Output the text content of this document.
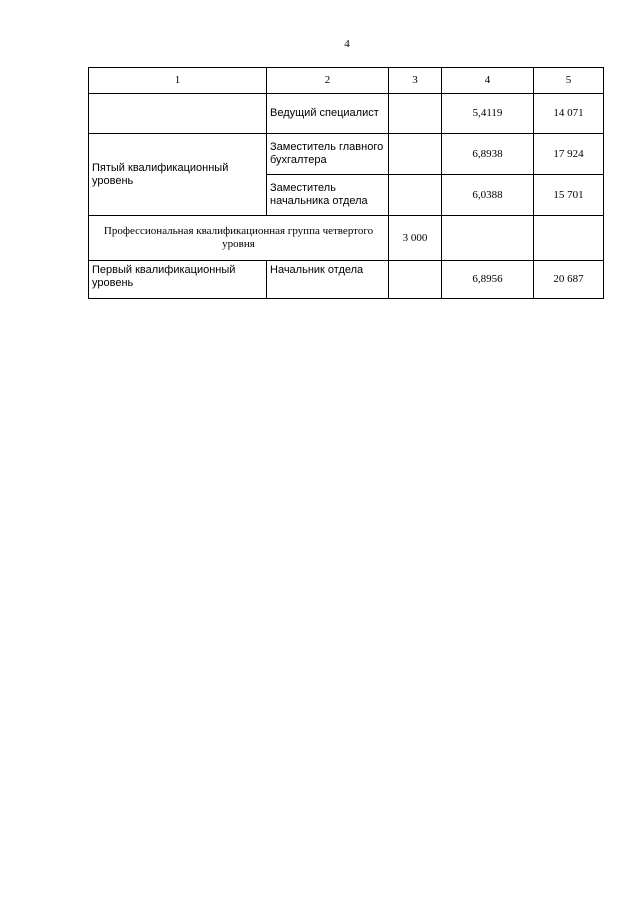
4
1	2	3	4	5
	Ведущий специалист		5,4119	14 071
Пятый квалификационный уровень	Заместитель главного бухгалтера		6,8938	17 924
	Заместитель начальника отдела		6,0388	15 701
Профессиональная квалификационная группа четвертого уровня		3 000		
Первый квалификационный уровень	Начальник отдела		6,8956	20 687
